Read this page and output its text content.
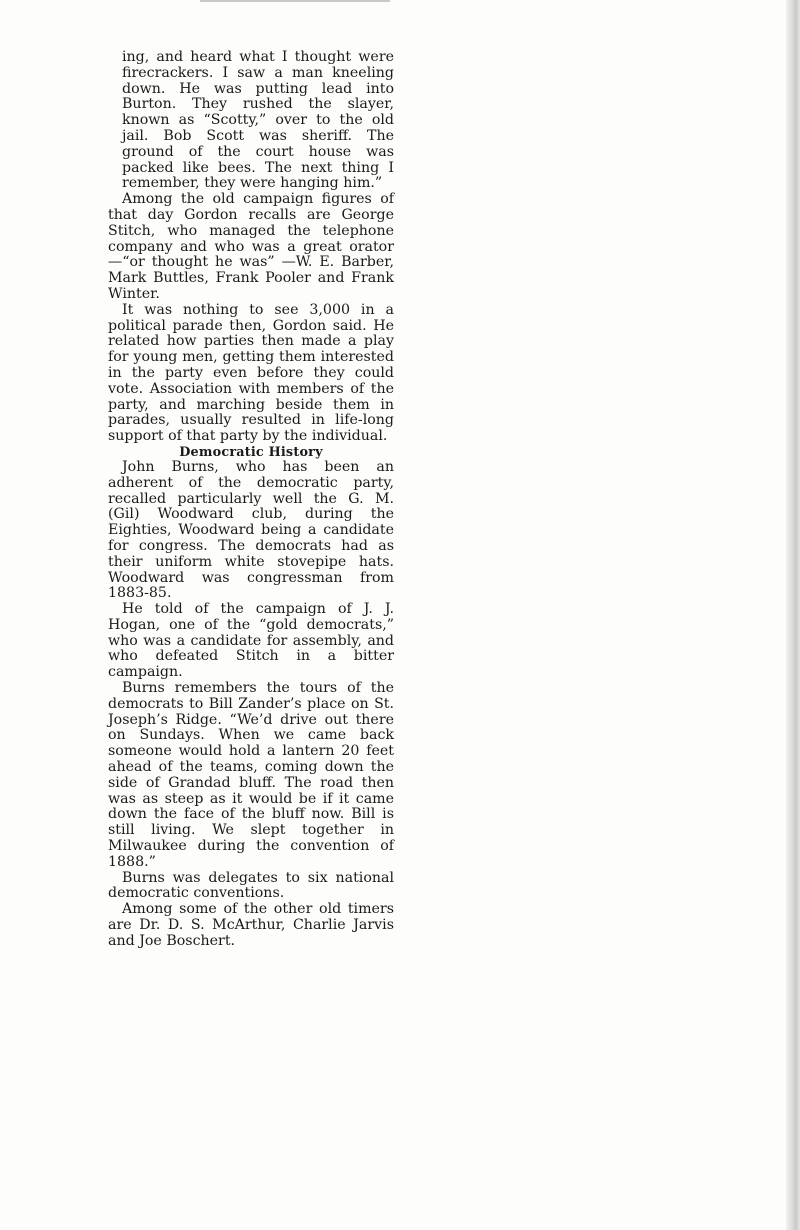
ing, and heard what I thought were firecrackers. I saw a man kneeling down. He was putting lead into Burton. They rushed the slayer, known as “Scotty,” over to the old jail. Bob Scott was sheriff. The ground of the court house was packed like bees. The next thing I remember, they were hanging him.”

Among the old campaign figures of that day Gordon recalls are George Stitch, who managed the telephone company and who was a great orator—“or thought he was” —W. E. Barber, Mark Buttles, Frank Pooler and Frank Winter.

It was nothing to see 3,000 in a political parade then, Gordon said. He related how parties then made a play for young men, getting them interested in the party even before they could vote. Association with members of the party, and marching beside them in parades, usually resulted in life-long support of that party by the individual.

Democratic History

John Burns, who has been an adherent of the democratic party, recalled particularly well the G. M. (Gil) Woodward club, during the Eighties, Woodward being a candidate for congress. The democrats had as their uniform white stovepipe hats. Woodward was congressman from 1883-85.

He told of the campaign of J. J. Hogan, one of the “gold democrats,” who was a candidate for assembly, and who defeated Stitch in a bitter campaign.

Burns remembers the tours of the democrats to Bill Zander’s place on St. Joseph’s Ridge. “We’d drive out there on Sundays. When we came back someone would hold a lantern 20 feet ahead of the teams, coming down the side of Grandad bluff. The road then was as steep as it would be if it came down the face of the bluff now. Bill is still living. We slept together in Milwaukee during the convention of 1888.”

Burns was delegates to six national democratic conventions.

Among some of the other old timers are Dr. D. S. McArthur, Charlie Jarvis and Joe Boschert.
